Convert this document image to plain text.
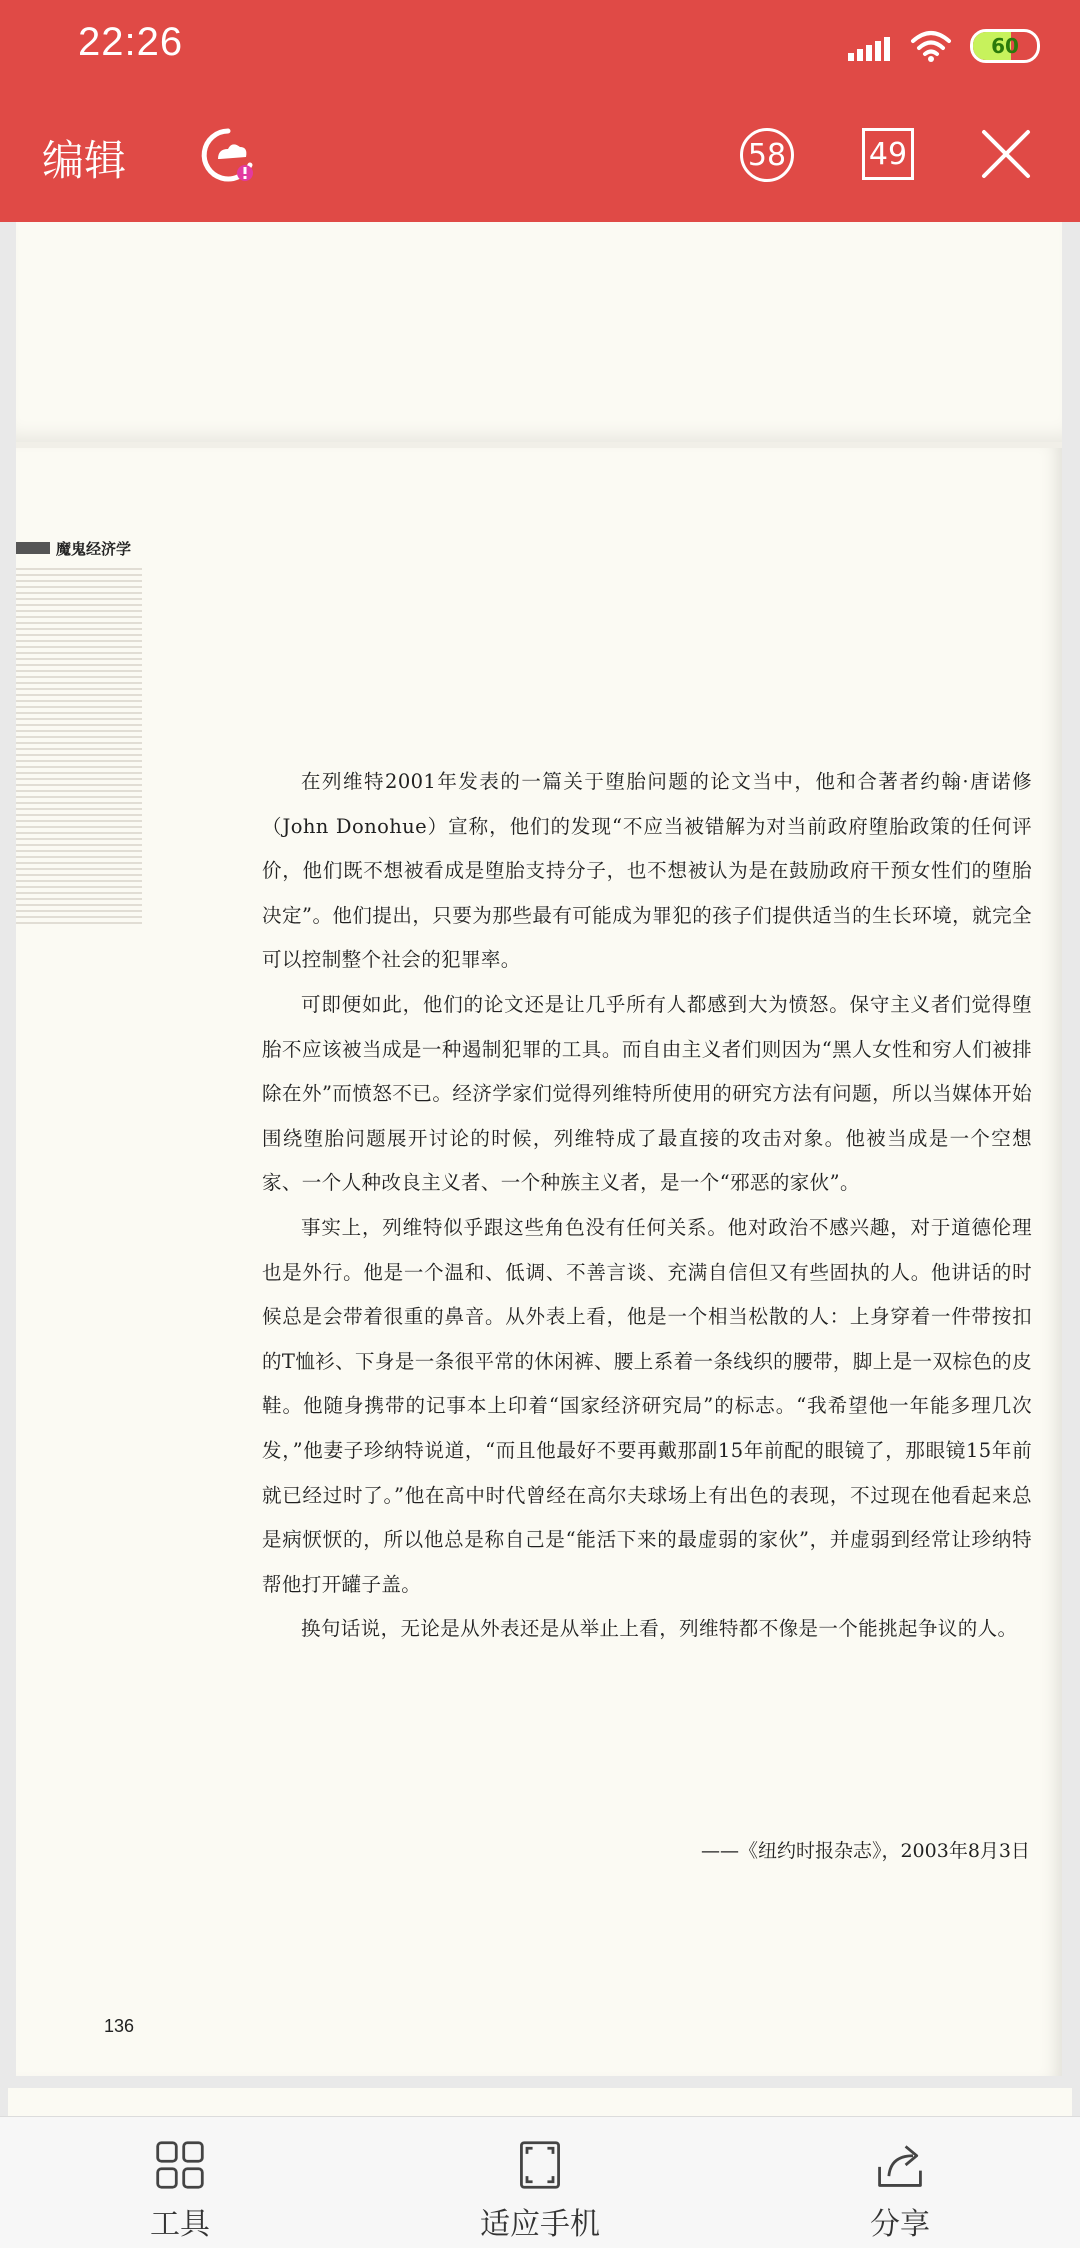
22:26	60
编辑	58	49
魔鬼经济学

在列维特2001年发表的一篇关于堕胎问题的论文当中，他和合著者约翰·唐诺修（John Donohue）宣称，他们的发现“不应当被错解为对当前政府堕胎政策的任何评价，他们既不想被看成是堕胎支持分子，也不想被认为是在鼓励政府干预女性们的堕胎决定”。他们提出，只要为那些最有可能成为罪犯的孩子们提供适当的生长环境，就完全可以控制整个社会的犯罪率。

可即便如此，他们的论文还是让几乎所有人都感到大为愤怒。保守主义者们觉得堕胎不应该被当成是一种遏制犯罪的工具。而自由主义者们则因为“黑人女性和穷人们被排除在外”而愤怒不已。经济学家们觉得列维特所使用的研究方法有问题，所以当媒体开始围绕堕胎问题展开讨论的时候，列维特成了最直接的攻击对象。他被当成是一个空想家、一个人种改良主义者、一个种族主义者，是一个“邪恶的家伙”。

事实上，列维特似乎跟这些角色没有任何关系。他对政治不感兴趣，对于道德伦理也是外行。他是一个温和、低调、不善言谈、充满自信但又有些固执的人。他讲话的时候总是会带着很重的鼻音。从外表上看，他是一个相当松散的人：上身穿着一件带按扣的T恤衫、下身是一条很平常的休闲裤、腰上系着一条线织的腰带，脚上是一双棕色的皮鞋。他随身携带的记事本上印着“国家经济研究局”的标志。“我希望他一年能多理几次发，”他妻子珍纳特说道，“而且他最好不要再戴那副15年前配的眼镜了，那眼镜15年前就已经过时了。”他在高中时代曾经在高尔夫球场上有出色的表现，不过现在他看起来总是病恹恹的，所以他总是称自己是“能活下来的最虚弱的家伙”，并虚弱到经常让珍纳特帮他打开罐子盖。

换句话说，无论是从外表还是从举止上看，列维特都不像是一个能挑起争议的人。

——《纽约时报杂志》，2003年8月3日
136
工具	适应手机	分享
